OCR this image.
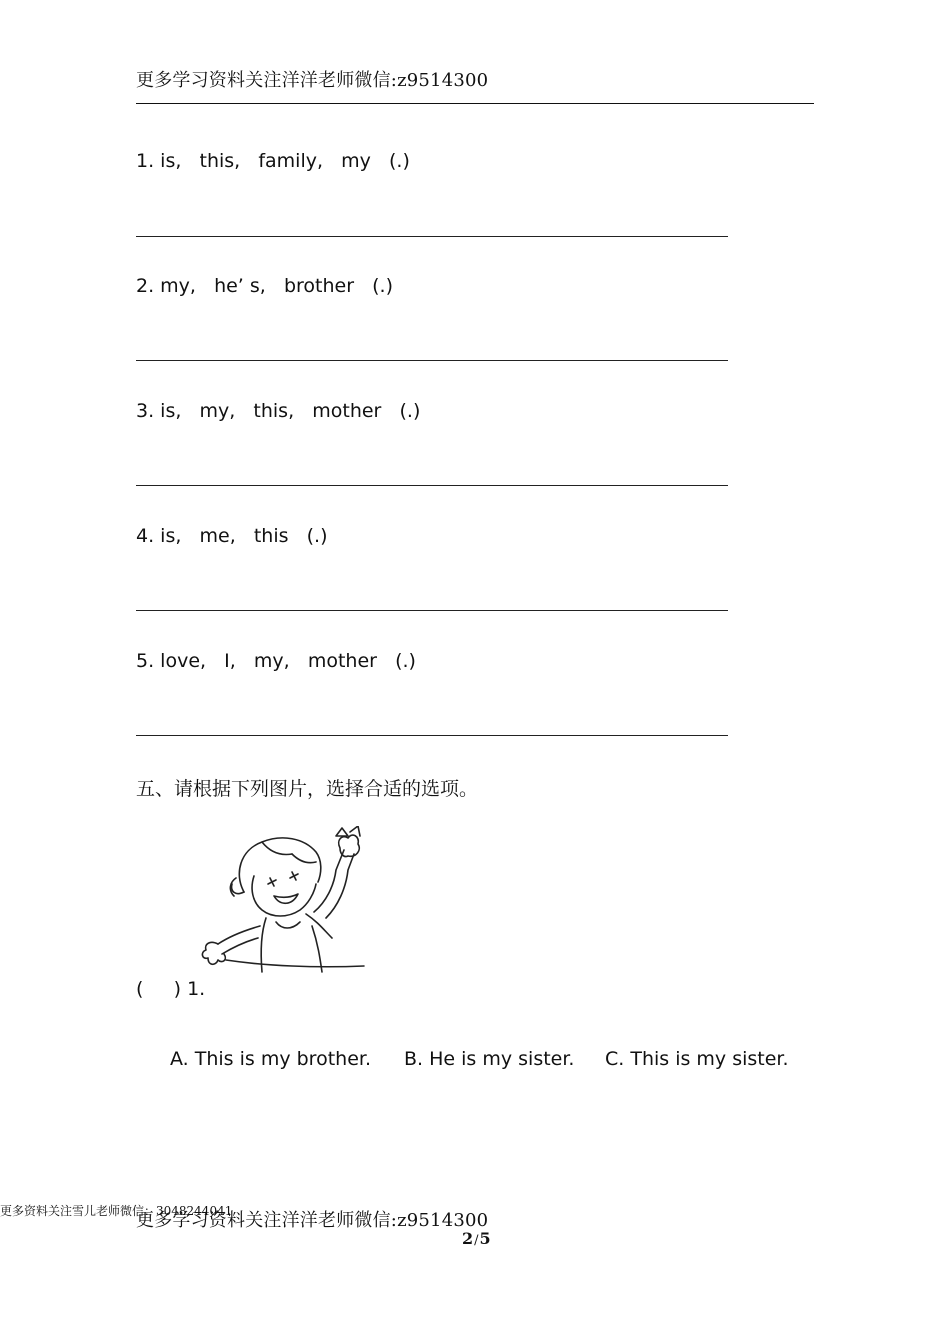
更多学习资料关注洋洋老师微信:z9514300
1. is,   this,   family,   my   (.)
2. my,   he’ s,   brother   (.)
3. is,   my,   this,   mother   (.)
4. is,   me,   this   (.)
5. love,   I,   my,   mother   (.)
五、请根据下列图片，选择合适的选项。
(     ) 1.
A. This is my brother. B. He is my sister. C. This is my sister.
更多资料关注雪儿老师微信：3048244041
更多学习资料关注洋洋老师微信:z9514300
2/5
